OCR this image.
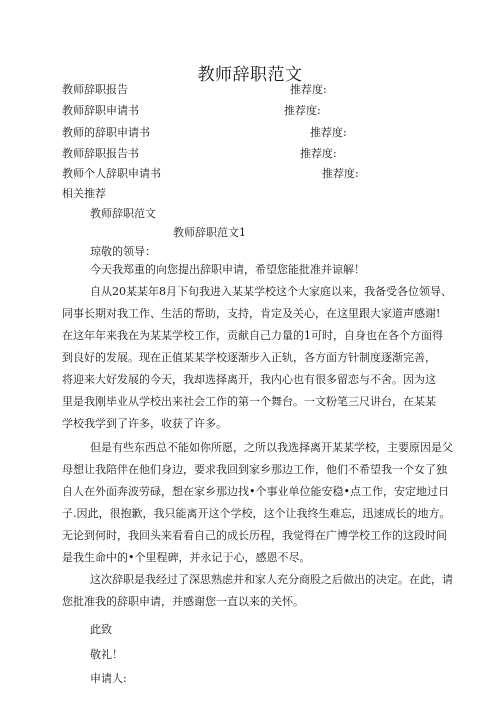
教师辞职范文
教师辞职报告	推荐度:
教师辞职申请书	推荐度:
教师的辞职申请书	推荐度:
教师辞职报告书	推荐度:
教师个人辞职申请书	推荐度:
相关推荐
教师辞职范文
教师辞职范文1
琼敬的领导：
今天我郑重的向您提出辞职申请，希望您能批准并谅解！
自从20某某年8月下旬我进入某某学校这个大家庭以来，我备受各位领导、
同事长期对我工作、生活的帮助，支持，肯定及关心，在这里跟大家道声感谢!
在这年年来我在为某某学校工作，贡献自己力量的1可时，自身也在各个方面得
到良好的发展。现在正值某某学校逐渐步入正轨，各方面方针制度逐渐完善，
将迎来大好发展的今天，我却选择离开，我内心也有很多留恋与不舍。因为这
里是我刚毕业从学校出来社会工作的第一个舞台。一文粉笔三尺讲台，在某某
学校我学到了许多，收获了许多。
但是有些东西总不能如你所愿，之所以我选择离开某某学校，主要原因是父
母想让我陪伴在他们身边，要求我回到家乡那边工作，他们不希望我一个女了独
自人在外面奔波劳碌，想在家乡那边找•个事业单位能安稳•点工作，安定地过日
子.因此，很抱歉，我只能离开这个学校，这个让我终生难忘，迅速成长的地方。
无论到何时，我回头来看看自己的成长历程，我觉得在广博学校工作的这段时间
是我生命中的•个里程碑，并永记于心，感恩不尽。
这次辞职是我经过了深思熟虑并和家人充分商股之后做出的决定。在此，请
您批准我的辞职申请，并感谢您一直以来的关怀。
此致
敬礼！
申请人:
